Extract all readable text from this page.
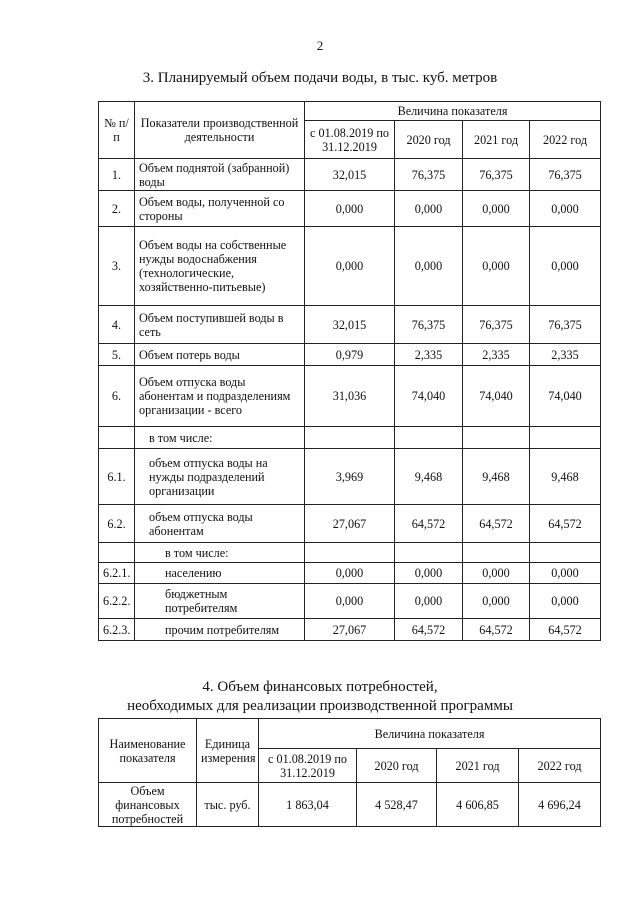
2
3. Планируемый объем подачи воды, в тыс. куб. метров
№ п/п	Показатели производственной деятельности	Величина показателя			
		с 01.08.2019 по 31.12.2019	2020 год	2021 год	2022 год
1.	Объем поднятой (забранной) воды	32,015	76,375	76,375	76,375
2.	Объем воды, полученной со стороны	0,000	0,000	0,000	0,000
3.	Объем воды на собственные нужды водоснабжения (технологические, хозяйственно-питьевые)	0,000	0,000	0,000	0,000
4.	Объем поступившей воды в сеть	32,015	76,375	76,375	76,375
5.	Объем потерь воды	0,979	2,335	2,335	2,335
6.	Объем отпуска воды абонентам и подразделениям организации - всего	31,036	74,040	74,040	74,040
	в том числе:				
6.1.	объем отпуска воды на нужды подразделений организации	3,969	9,468	9,468	9,468
6.2.	объем отпуска воды абонентам	27,067	64,572	64,572	64,572
	в том числе:				
6.2.1.	населению	0,000	0,000	0,000	0,000
6.2.2.	бюджетным потребителям	0,000	0,000	0,000	0,000
6.2.3.	прочим потребителям	27,067	64,572	64,572	64,572
4. Объем финансовых потребностей,
необходимых для реализации производственной программы
Наименование показателя	Единица измерения	Величина показателя			
		с 01.08.2019 по 31.12.2019	2020 год	2021 год	2022 год
Объем финансовых потребностей	тыс. руб.	1 863,04	4 528,47	4 606,85	4 696,24
